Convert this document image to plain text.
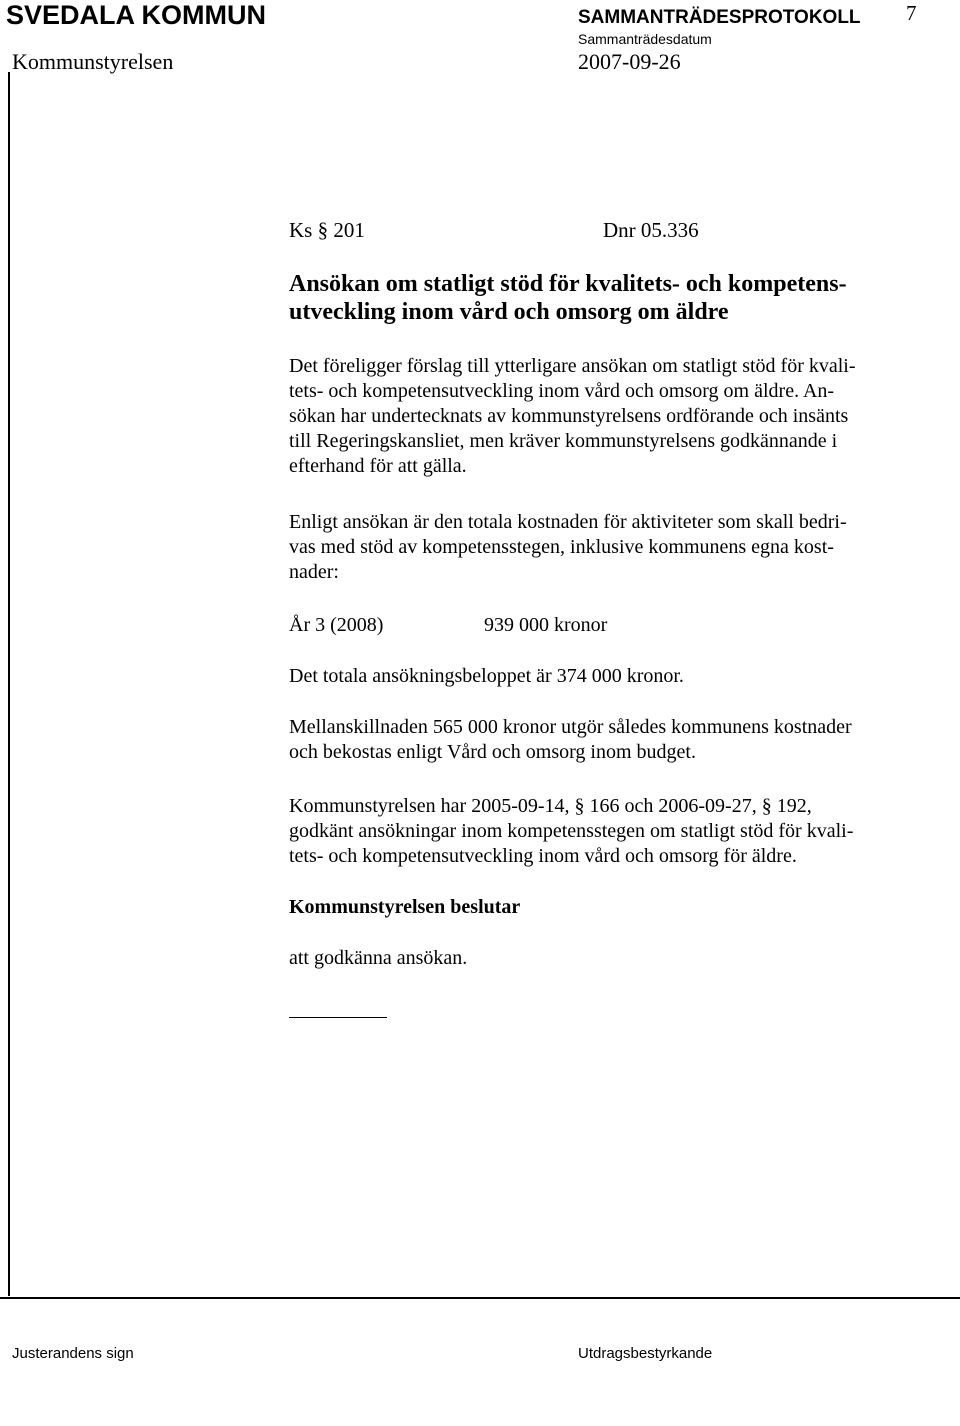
SVEDALA KOMMUN	SAMMANTRÄDESPROTOKOLL 7
Kommunstyrelsen
Sammanträdesdatum
2007-09-26
Ks § 201	Dnr 05.336
Ansökan om statligt stöd för kvalitets- och kompetens-
utveckling inom vård och omsorg om äldre
Det föreligger förslag till ytterligare ansökan om statligt stöd för kvali-
tets- och kompetensutveckling inom vård och omsorg om äldre. An-
sökan har undertecknats av kommunstyrelsens ordförande och insänts
till Regeringskansliet, men kräver kommunstyrelsens godkännande i
efterhand för att gälla.
Enligt ansökan är den totala kostnaden för aktiviteter som skall bedri-
vas med stöd av kompetensstegen, inklusive kommunens egna kost-
nader:
År 3 (2008)	939 000 kronor
Det totala ansökningsbeloppet är 374 000 kronor.
Mellanskillnaden 565 000 kronor utgör således kommunens kostnader
och bekostas enligt Vård och omsorg inom budget.
Kommunstyrelsen har 2005-09-14, § 166 och 2006-09-27, § 192,
godkänt ansökningar inom kompetensstegen om statligt stöd för kvali-
tets- och kompetensutveckling inom vård och omsorg för äldre.
Kommunstyrelsen beslutar
att godkänna ansökan.
Justerandens sign	Utdragsbestyrkande
